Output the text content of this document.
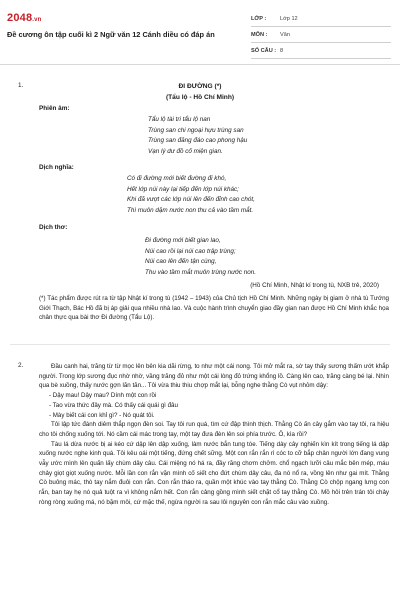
2048.vn
Đề cương ôn tập cuối kì 2 Ngữ văn 12 Cánh diều có đáp án
LỚP :	Lớp 12
MÔN :	Văn
SỐ CÂU : 8
1.	ĐI ĐƯỜNG (*)
(Tẩu lộ - Hồ Chí Minh)
Phiên âm:
Tẩu lộ tài tri tẩu lộ nan
Trùng san chi ngoại hựu trùng san
Trùng san đăng đáo cao phong hậu
Vạn lý dư đồ cố miện gian.
Dịch nghĩa:
Có đi đường mới biết đường đi khó,
Hết lớp núi này lại tiếp đến lớp núi khác;
Khi đã vượt các lớp núi lên đến đỉnh cao chót,
Thì muôn dặm nước non thu cả vào tầm mắt.
Dịch thơ:
Đi đường mới biết gian lao,
Núi cao rồi lại núi cao trập trùng;
Núi cao lên đến tận cùng,
Thu vào tầm mắt muôn trùng nước non.
(Hồ Chí Minh, Nhật kí trong tù, NXB trẻ, 2020)
(*) Tác phẩm được rút ra từ tập Nhật kí trong tù (1942 – 1943) của Chủ tịch Hồ Chí Minh. Những ngày bị giam ở nhà tù Tướng Giới Thạch, Bác Hồ đã bị áp giải qua nhiều nhà lao. Và cuộc hành trình chuyển giao đầy gian nan được Hồ Chí Minh khắc họa chân thực qua bài thơ Đi đường (Tẩu Lộ).
2.	Đầu canh hai, trăng từ từ mọc lên bên kia dãi rừng, to như một cái nong. Tôi mở mắt ra, sờ tay thấy sương thấm ướt khắp người. Trong lớp sương đục nhờ nhờ, vầng trăng đỏ như một cái lòng đỏ trứng khổng lồ. Càng lên cao, trăng càng bé lại. Nhìn qua bè xuồng, thấy nước gợn lăn tăn... Tôi vừa thiu thiu chợp mắt lại, bỗng nghe thằng Cò vụt nhỏm dậy:

- Dậy mau! Dậy mau? Dính một con rồi

- Tao vừa thức đây mà. Có thấy cái quái gì đâu

- Mày biết cái con khỉ gì? - Nó quát tôi.

Tôi lập tức đánh diêm thắp ngọn đèn soi. Tay tôi run quá, tìm cứ đập thình thịch. Thằng Cò ấn cây gắm vào tay tôi, ra hiệu cho tôi chống xuống tới. Nó cầm cái mác trong tay, một tay đưa đèn lên soi phía trước. Ô, kìa rồi?

Tàu lá dừa nước bị ai kéo cứ dập lên dập xuống, làm nước bắn tung tóe. Tiếng dày cây nghiến kìn kít trong tiếng lá dập xuống nước nghe kinh quá. Tôi kêu oái một tiếng, đứng chết sững. Một con rắn rắn rì cóc to cỡ bắp chân người lớn đang vung vẫy ước mình lên quấn lấy chùm dây câu. Cái miệng nó há ra, đầy răng chơm chởm. chổ ngạch lưỡi câu mắc bên mép, máu chảy giọt giọt xuống nước. Mỗi lần con rắn vặn mình cố siết cho đứt chùm dây câu, đa nó nổ ra, vồng lên như gai mít. Thằng Cò buông mác, thò tay nắm đuôi con rắn. Con rắn tháo ra, quần một khúc vào tay thằng Cò. Thằng Cò chộp ngang lưng con rắn, ban tay hẹ nó quả tuột ra vì không nắm hết. Con rắn cảng gồng mình siết chặt cổ tay thằng Cò. Mồ hôi trên trán tôi chảy ròng ròng xuống má, nó bặm môi, cứ mặc thế, ngừa người ra sau lôi nguyên con rắn mắc câu vào xuồng.
